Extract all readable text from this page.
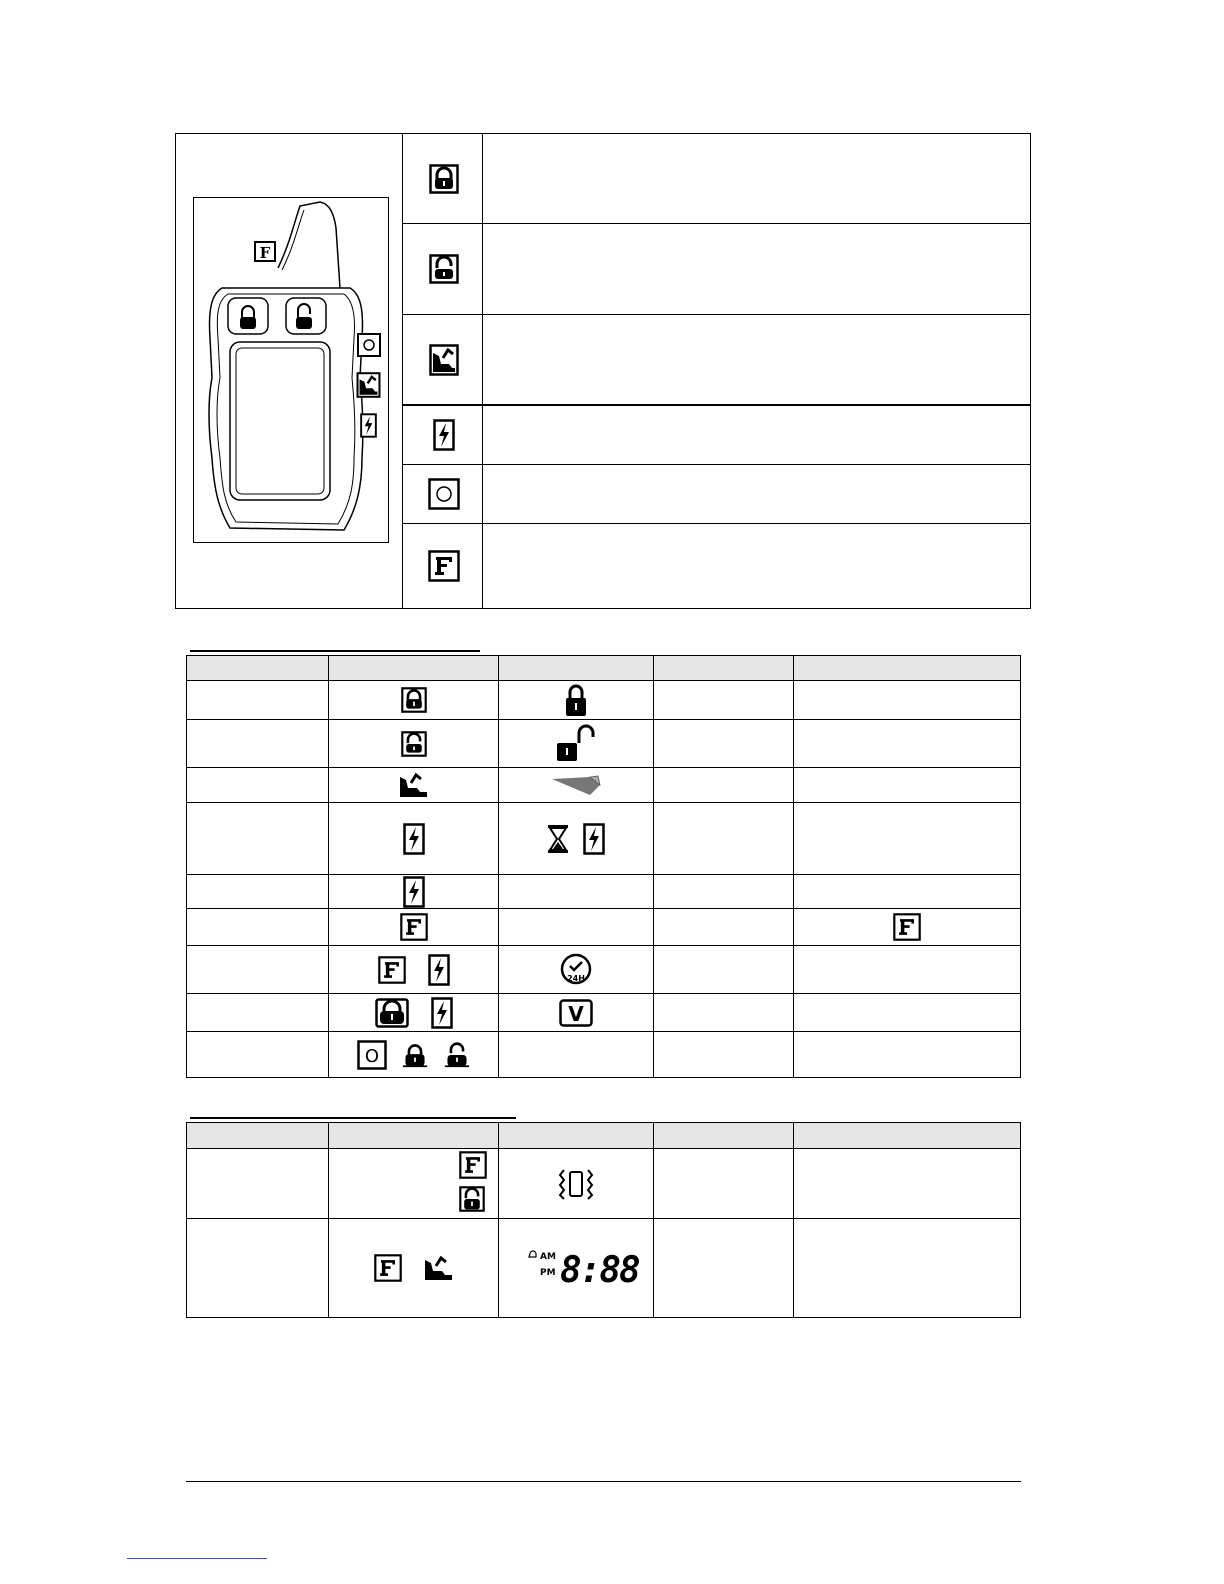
F
24H
V
O
AM
PM 8:88
